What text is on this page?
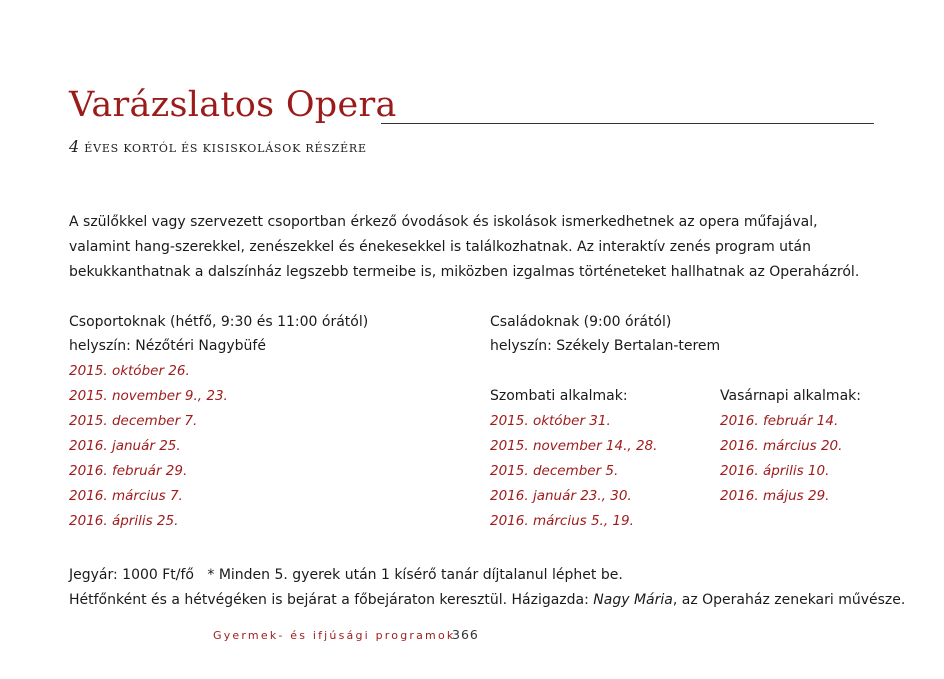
Varázslatos Opera
4 ÉVES KORTÓL ÉS KISISKOLÁSOK RÉSZÉRE
A szülőkkel vagy szervezett csoportban érkező óvodások és iskolások ismerkedhetnek az opera műfajával, valamint hang-szerekkel, zenészekkel és énekesekkel is találkozhatnak. Az interaktív zenés program után bekukkanthatnak a dalszínház legszebb termeibe is, miközben izgalmas történeteket hallhatnak az Operaházról.
Csoportoknak (hétfő, 9:30 és 11:00 órától)
helyszín: Nézőtéri Nagybüfé
2015. október 26.
2015. november 9., 23.
2015. december 7.
2016. január 25.
2016. február 29.
2016. március 7.
2016. április 25.
Családoknak (9:00 órától)
helyszín: Székely Bertalan-terem
Szombati alkalmak:
2015. október 31.
2015. november 14., 28.
2015. december 5.
2016. január 23., 30.
2016. március 5., 19.
Vasárnapi alkalmak:
2016. február 14.
2016. március 20.
2016. április 10.
2016. május 29.
Jegyár: 1000 Ft/fő * Minden 5. gyerek után 1 kísérő tanár díjtalanul léphet be.
Hétfőnként és a hétvégéken is bejárat a főbejáraton keresztül. Házigazda: Nagy Mária, az Operaház zenekari művésze.
Gyermek- és ifjúsági programok
366
